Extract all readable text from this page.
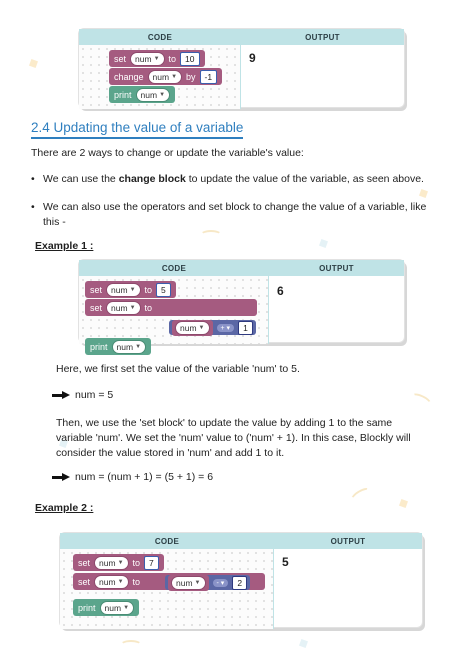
CODE	OUTPUT
set num ▼ to	10
change num ▼ by	-1
print num ▼
9
2.4 Updating the value of a variable
There are 2 ways to change or update the variable's value:
• We can use the change block to update the value of the variable, as seen above.
• We can also use the operators and set block to change the value of a variable, like this -
Example 1 :
CODE	OUTPUT
set num ▼ to	5
set num ▼ to
num ▼	+ ▾	1
print num ▼
6
Here, we first set the value of the variable 'num' to 5.
num = 5
Then, we use the 'set block' to update the value by adding 1 to the same variable 'num'. We set the 'num' value to ('num' + 1). In this case, Blockly will consider the value stored in 'num' and add 1 to it.
num = (num + 1) = (5 + 1) = 6
Example 2 :
CODE	OUTPUT
set num ▼ to	7
set num ▼ to	num ▼	- ▾	2
print num ▼
5
